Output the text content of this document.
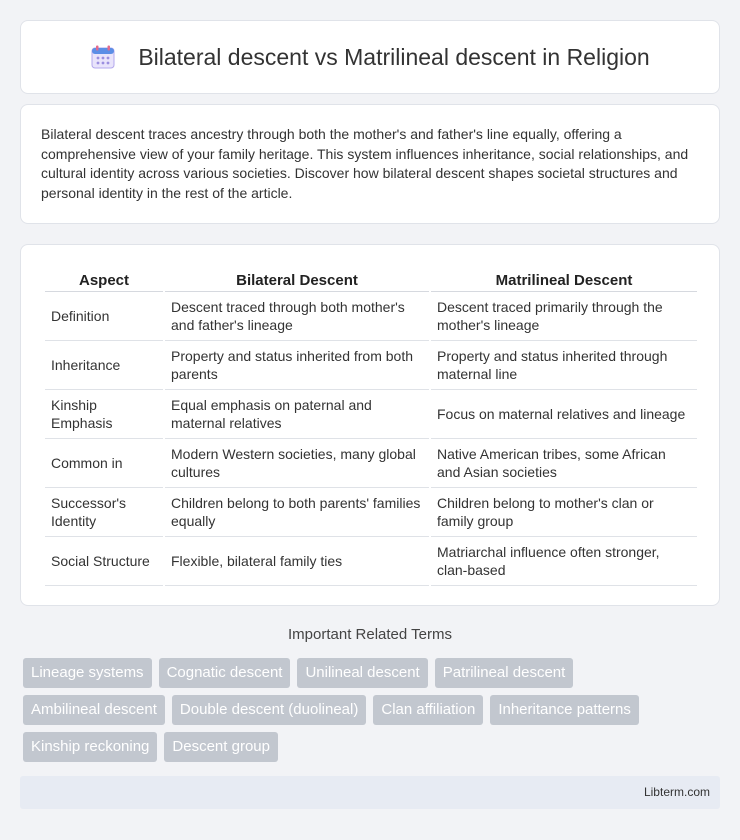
Bilateral descent vs Matrilineal descent in Religion

Bilateral descent traces ancestry through both the mother's and father's line equally, offering a comprehensive view of your family heritage. This system influences inheritance, social relationships, and cultural identity across various societies. Discover how bilateral descent shapes societal structures and personal identity in the rest of the article.

Aspect	Bilateral Descent	Matrilineal Descent
Definition	Descent traced through both mother's and father's lineage	Descent traced primarily through the mother's lineage
Inheritance	Property and status inherited from both parents	Property and status inherited through maternal line
Kinship Emphasis	Equal emphasis on paternal and maternal relatives	Focus on maternal relatives and lineage
Common in	Modern Western societies, many global cultures	Native American tribes, some African and Asian societies
Successor's Identity	Children belong to both parents' families equally	Children belong to mother's clan or family group
Social Structure	Flexible, bilateral family ties	Matriarchal influence often stronger, clan-based
Important Related Terms
Lineage systems	Cognatic descent	Unilineal descent	Patrilineal descent
Ambilineal descent	Double descent (duolineal)	Clan affiliation	Inheritance patterns
Kinship reckoning	Descent group
Libterm.com
